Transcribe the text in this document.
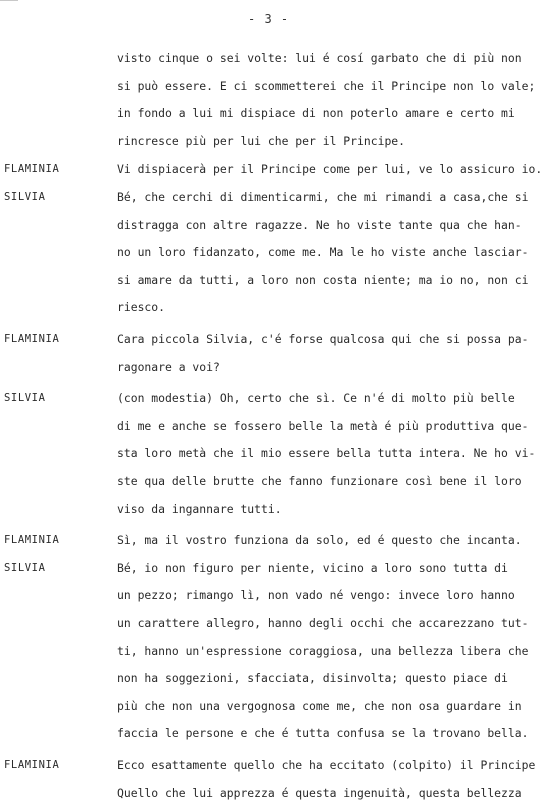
- 3 -
visto cinque o sei volte: lui é cosí garbato che di più non
si può essere. E ci scommetterei che il Principe non lo vale;
in fondo a lui mi dispiace di non poterlo amare e certo mi
rincresce più per lui che per il Principe.
FLAMINIA	Vi dispiacerà per il Principe come per lui, ve lo assicuro io.
SILVIA	Bé, che cerchi di dimenticarmi, che mi rimandi a casa,che si
distragga con altre ragazze. Ne ho viste tante qua che han-
no un loro fidanzato, come me. Ma le ho viste anche lasciar-
si amare da tutti, a loro non costa niente; ma io no, non ci
riesco.
FLAMINIA	Cara piccola Silvia, c'é forse qualcosa qui che si possa pa-
ragonare a voi?
SILVIA	(con modestia) Oh, certo che sì. Ce n'é di molto più belle
di me e anche se fossero belle la metà é più produttiva que-
sta loro metà che il mio essere bella tutta intera. Ne ho vi-
ste qua delle brutte che fanno funzionare così bene il loro
viso da ingannare tutti.
FLAMINIA	Sì, ma il vostro funziona da solo, ed é questo che incanta.
SILVIA	Bé, io non figuro per niente, vicino a loro sono tutta di
un pezzo; rimango lì, non vado né vengo: invece loro hanno
un carattere allegro, hanno degli occhi che accarezzano tut-
ti, hanno un'espressione coraggiosa, una bellezza libera che
non ha soggezioni, sfacciata, disinvolta; questo piace di
più che non una vergognosa come me, che non osa guardare in
faccia le persone e che é tutta confusa se la trovano bella.
FLAMINIA	Ecco esattamente quello che ha eccitato (colpito) il Principe
Quello che lui apprezza é questa ingenuità, questa bellezza
